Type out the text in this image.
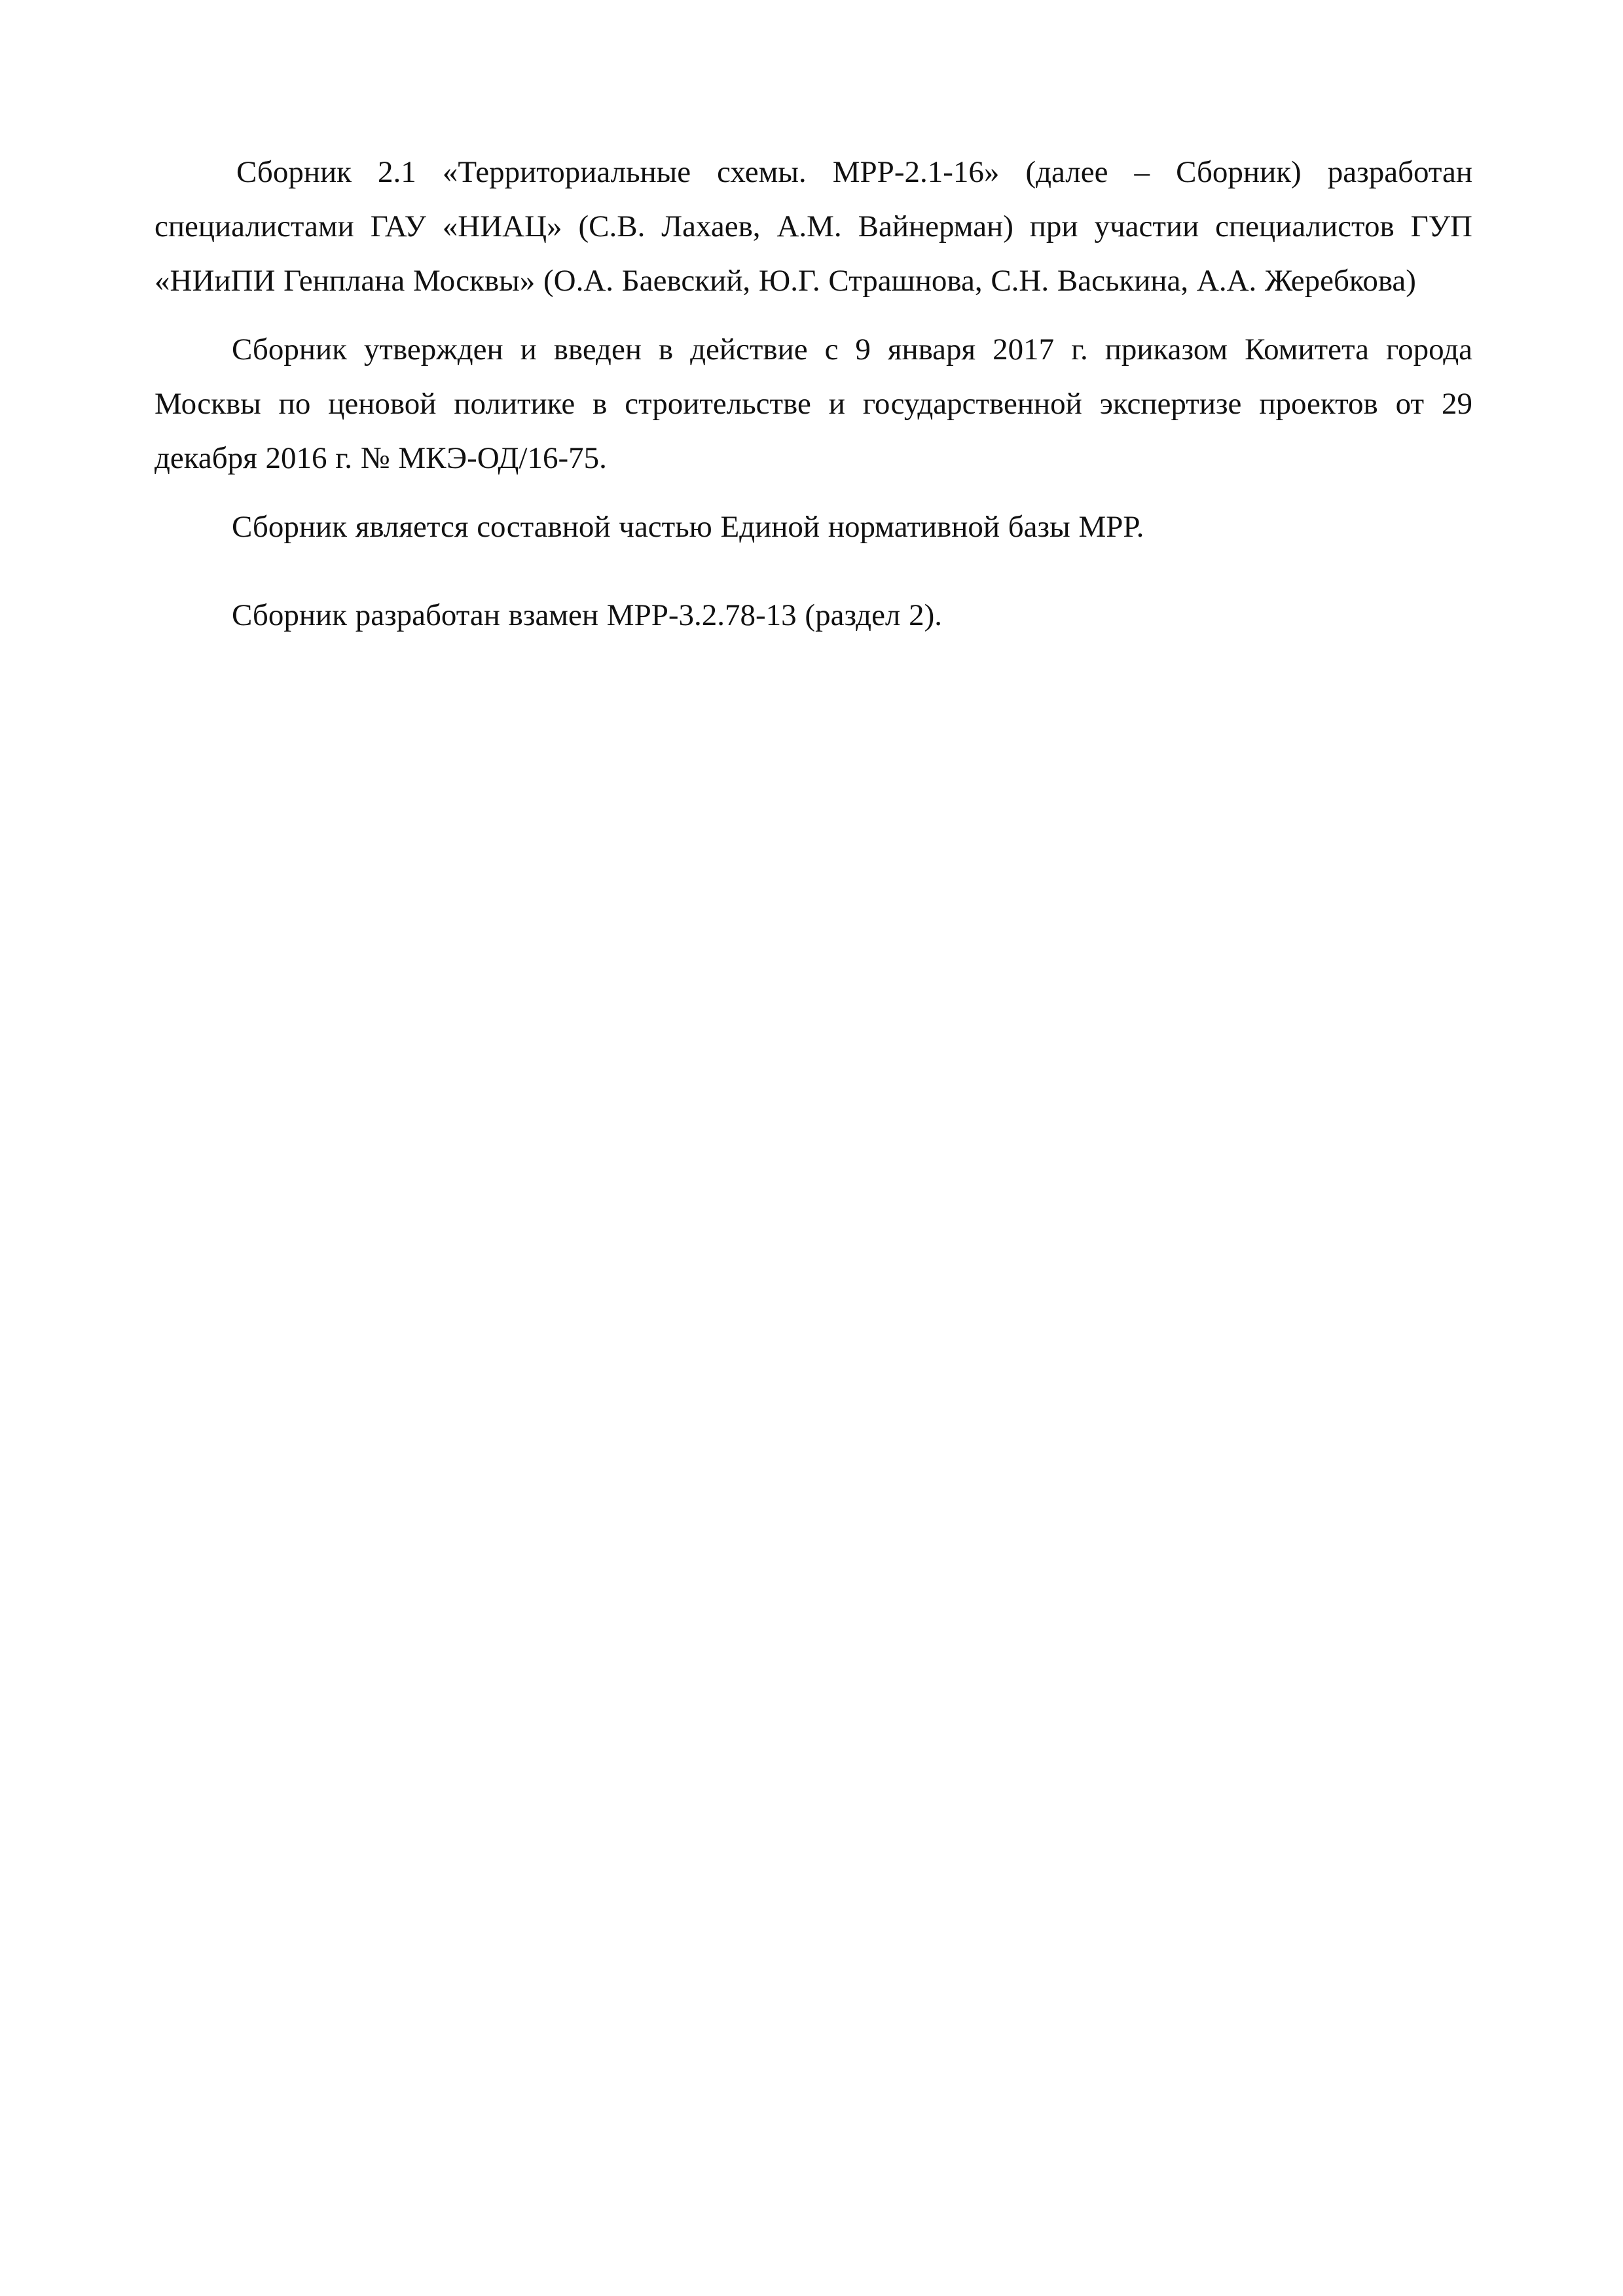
Сборник 2.1 «Территориальные схемы. МРР-2.1-16» (далее – Сборник) разработан специалистами ГАУ «НИАЦ» (С.В. Лахаев, А.М. Вайнерман) при участии специалистов ГУП «НИиПИ Генплана Москвы» (О.А. Баевский, Ю.Г. Страшнова, С.Н. Васькина, А.А. Жеребкова)

Сборник утвержден и введен в действие с 9 января 2017 г. приказом Комитета города Москвы по ценовой политике в строительстве и государственной экспертизе проектов от 29 декабря 2016 г. № МКЭ-ОД/16-75.

Сборник является составной частью Единой нормативной базы МРР.

Сборник разработан взамен МРР-3.2.78-13 (раздел 2).
